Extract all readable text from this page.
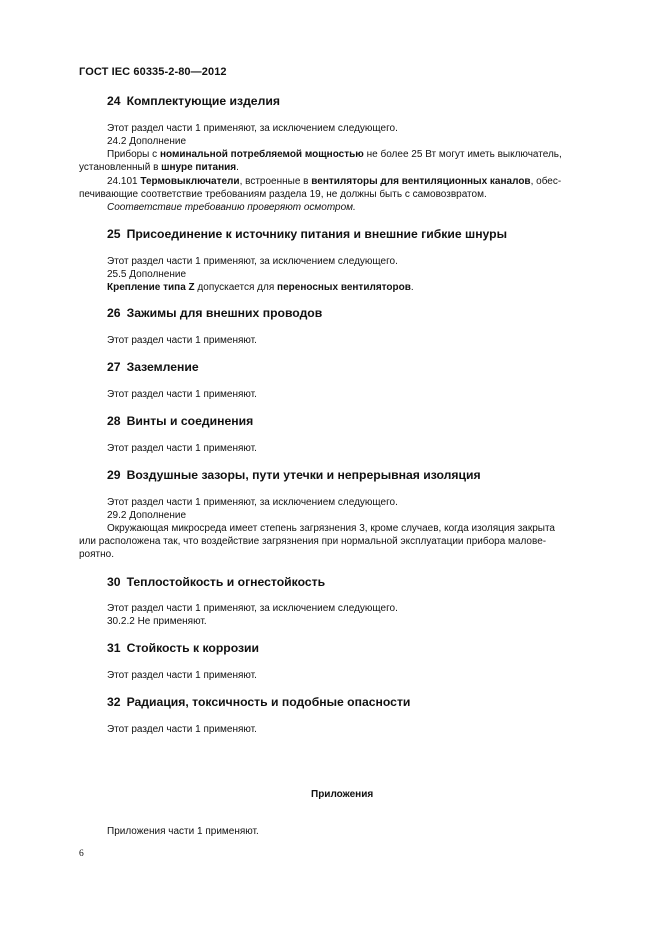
ГОСТ IEC 60335-2-80—2012
24 Комплектующие изделия
Этот раздел части 1 применяют, за исключением следующего.
24.2 Дополнение
Приборы с номинальной потребляемой мощностью не более 25 Вт могут иметь выключатель,
установленный в шнуре питания.
24.101 Термовыключатели, встроенные в вентиляторы для вентиляционных каналов, обес-
печивающие соответствие требованиям раздела 19, не должны быть с самовозвратом.
Соответствие требованию проверяют осмотром.
25 Присоединение к источнику питания и внешние гибкие шнуры
Этот раздел части 1 применяют, за исключением следующего.
25.5 Дополнение
Крепление типа Z допускается для переносных вентиляторов.
26 Зажимы для внешних проводов
Этот раздел части 1 применяют.
27 Заземление
Этот раздел части 1 применяют.
28 Винты и соединения
Этот раздел части 1 применяют.
29 Воздушные зазоры, пути утечки и непрерывная изоляция
Этот раздел части 1 применяют, за исключением следующего.
29.2 Дополнение
Окружающая микросреда имеет степень загрязнения 3, кроме случаев, когда изоляция закрыта
или расположена так, что воздействие загрязнения при нормальной эксплуатации прибора малове-
роятно.
30 Теплостойкость и огнестойкость
Этот раздел части 1 применяют, за исключением следующего.
30.2.2 Не применяют.
31 Стойкость к коррозии
Этот раздел части 1 применяют.
32 Радиация, токсичность и подобные опасности
Этот раздел части 1 применяют.
Приложения
Приложения части 1 применяют.
6
